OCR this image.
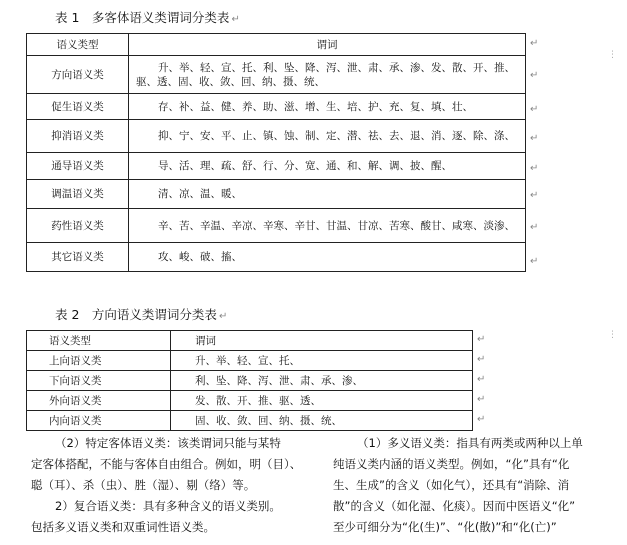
表 1　多客体语义类谓词分类表 ↵
语义类型	谓词
方向语义类	升、举、轻、宣、托、利、坠、降、泻、泄、肃、承、渗、发、散、开、推、
驱、透、固、收、敛、回、纳、摄、统、

促生语义类	存、补、益、健、养、助、滋、增、生、培、护、充、复、填、壮、
抑消语义类	抑、宁、安、平、止、镇、蚀、制、定、潜、祛、去、退、消、逐、除、涤、
通导语义类	导、活、理、疏、舒、行、分、宽、通、和、解、调、披、醒、
调温语义类	清、凉、温、暖、
药性语义类	辛、苦、辛温、辛凉、辛寒、辛甘、甘温、甘凉、苦寒、酸甘、咸寒、淡渗、
其它语义类	攻、峻、破、搐、
↵
↵
↵
↵
↵
↵
↵
↵
⋮
⋮
表 2　方向语义类谓词分类表 ↵
语义类型	谓词
上向语义类	升、举、轻、宣、托、
下向语义类	利、坠、降、泻、泄、肃、承、渗、
外向语义类	发、散、开、推、驱、透、
内向语义类	固、收、敛、回、纳、摄、统、
↵
↵
↵
↵
↵
（2）特定客体语义类：该类谓词只能与某特
定客体搭配，不能与客体自由组合。例如，明（目）、
聪（耳）、杀（虫）、胜（湿）、剔（络）等。
2）复合语义类：具有多种含义的语义类别。
包括多义语义类和双重词性语义类。
（1）多义语义类：指具有两类或两种以上单
纯语义类内涵的语义类型。例如，“化”具有“化
生、生成”的含义（如化气），还具有“消除、消
散”的含义（如化湿、化痰）。因而中医语义“化”
至少可细分为“化(生)”、“化(散)”和“化(亡)”
